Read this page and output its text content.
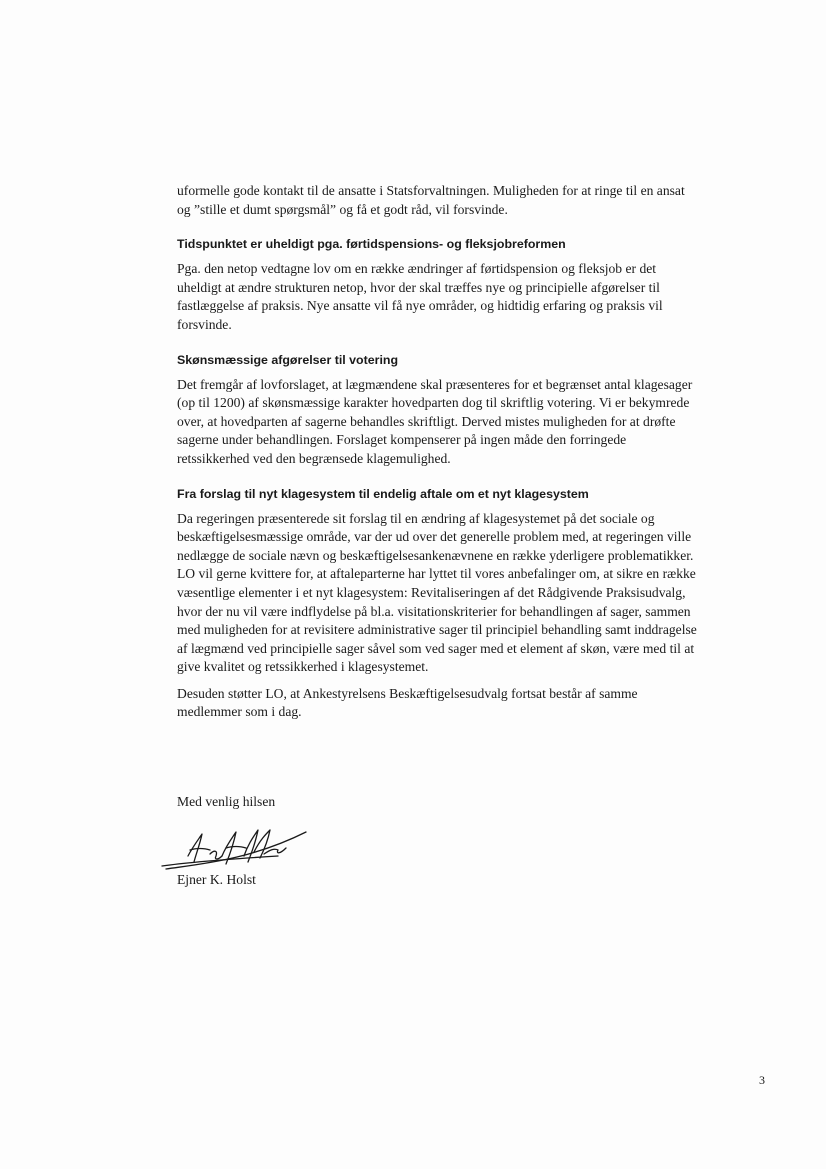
uformelle gode kontakt til de ansatte i Statsforvaltningen. Muligheden for at ringe til en ansat og ”stille et dumt spørgsmål” og få et godt råd, vil forsvinde.

Tidspunktet er uheldigt pga. førtidspensions- og fleksjobreformen

Pga. den netop vedtagne lov om en række ændringer af førtidspension og fleksjob er det uheldigt at ændre strukturen netop, hvor der skal træffes nye og principielle afgørelser til fastlæggelse af praksis. Nye ansatte vil få nye områder, og hidtidig erfaring og praksis vil forsvinde.

Skønsmæssige afgørelser til votering

Det fremgår af lovforslaget, at lægmændene skal præsenteres for et begrænset antal klagesager (op til 1200) af skønsmæssige karakter hovedparten dog til skriftlig votering. Vi er bekymrede over, at hovedparten af sagerne behandles skriftligt. Derved mistes muligheden for at drøfte sagerne under behandlingen. Forslaget kompenserer på ingen måde den forringede retssikkerhed ved den begrænsede klagemulighed.

Fra forslag til nyt klagesystem til endelig aftale om et nyt klagesystem

Da regeringen præsenterede sit forslag til en ændring af klagesystemet på det sociale og beskæftigelsesmæssige område, var der ud over det generelle problem med, at regeringen ville nedlægge de sociale nævn og beskæftigelsesankenævnene en række yderligere problematikker. LO vil gerne kvittere for, at aftaleparterne har lyttet til vores anbefalinger om, at sikre en række væsentlige elementer i et nyt klagesystem: Revitaliseringen af det Rådgivende Praksisudvalg, hvor der nu vil være indflydelse på bl.a. visitationskriterier for behandlingen af sager, sammen med muligheden for at revisitere administrative sager til principiel behandling samt inddragelse af lægmænd ved principielle sager såvel som ved sager med et element af skøn, være med til at give kvalitet og retssikkerhed i klagesystemet.

Desuden støtter LO, at Ankestyrelsens Beskæftigelsesudvalg fortsat består af samme medlemmer som i dag.

Med venlig hilsen
Ejner K. Holst
3
